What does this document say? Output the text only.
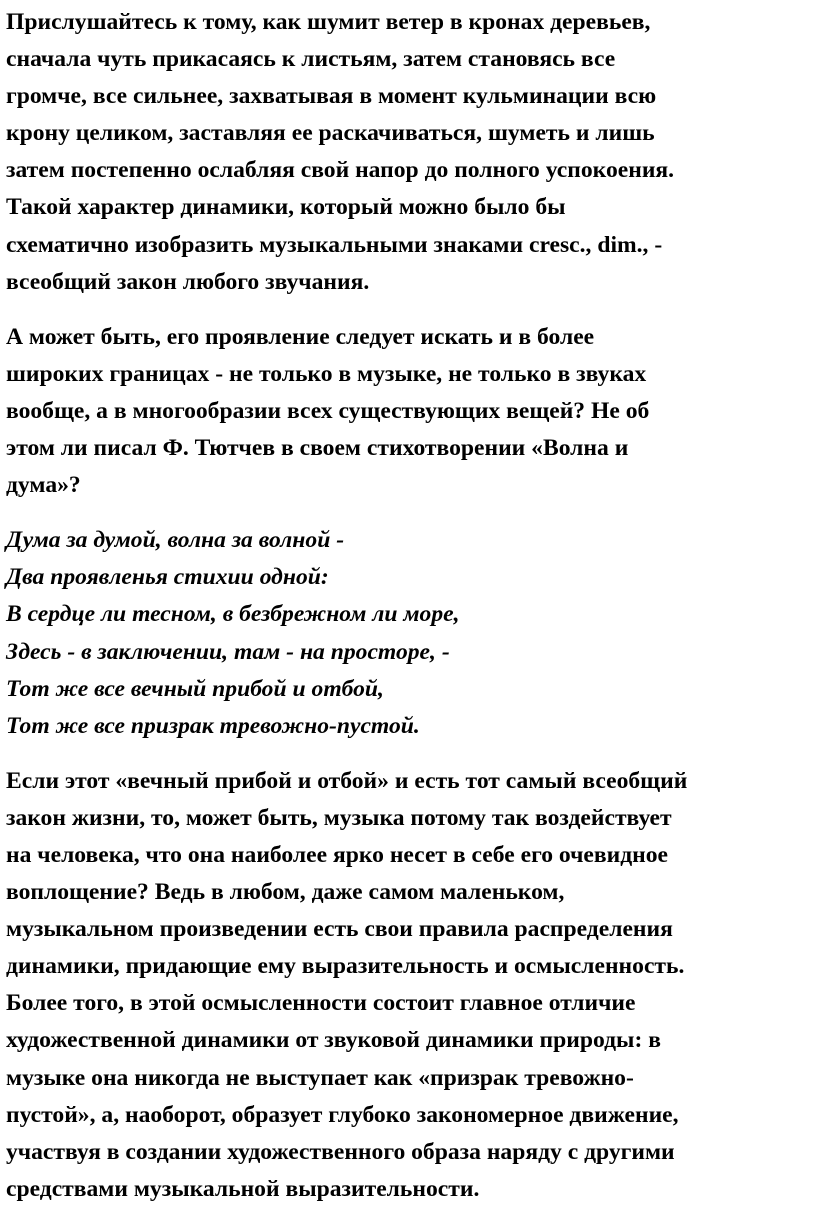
Прислушайтесь к тому, как шумит ветер в кронах деревьев,
сначала чуть прикасаясь к листьям, затем становясь все
громче, все сильнее, захватывая в момент кульминации всю
крону целиком, заставляя ее раскачиваться, шуметь и лишь
затем постепенно ослабляя свой напор до полного успокоения.
Такой характер динамики, который можно было бы
схематично изобразить музыкальными знаками cresc., dim., -
всеобщий закон любого звучания.

А может быть, его проявление следует искать и в более
широких границах - не только в музыке, не только в звуках
вообще, а в многообразии всех существующих вещей? Не об
этом ли писал Ф. Тютчев в своем стихотворении «Волна и
дума»?

Дума за думой, волна за волной -
Два проявленья стихии одной:
В сердце ли тесном, в безбрежном ли море,
Здесь - в заключении, там - на просторе, -
Тот же все вечный прибой и отбой,
Тот же все призрак тревожно-пустой.

Если этот «вечный прибой и отбой» и есть тот самый всеобщий
закон жизни, то, может быть, музыка потому так воздействует
на человека, что она наиболее ярко несет в себе его очевидное
воплощение? Ведь в любом, даже самом маленьком,
музыкальном произведении есть свои правила распределения
динамики, придающие ему выразительность и осмысленность.
Более того, в этой осмысленности состоит главное отличие
художественной динамики от звуковой динамики природы: в
музыке она никогда не выступает как «призрак тревожно-
пустой», а, наоборот, образует глубоко закономерное движение,
участвуя в создании художественного образа наряду с другими
средствами музыкальной выразительности.
